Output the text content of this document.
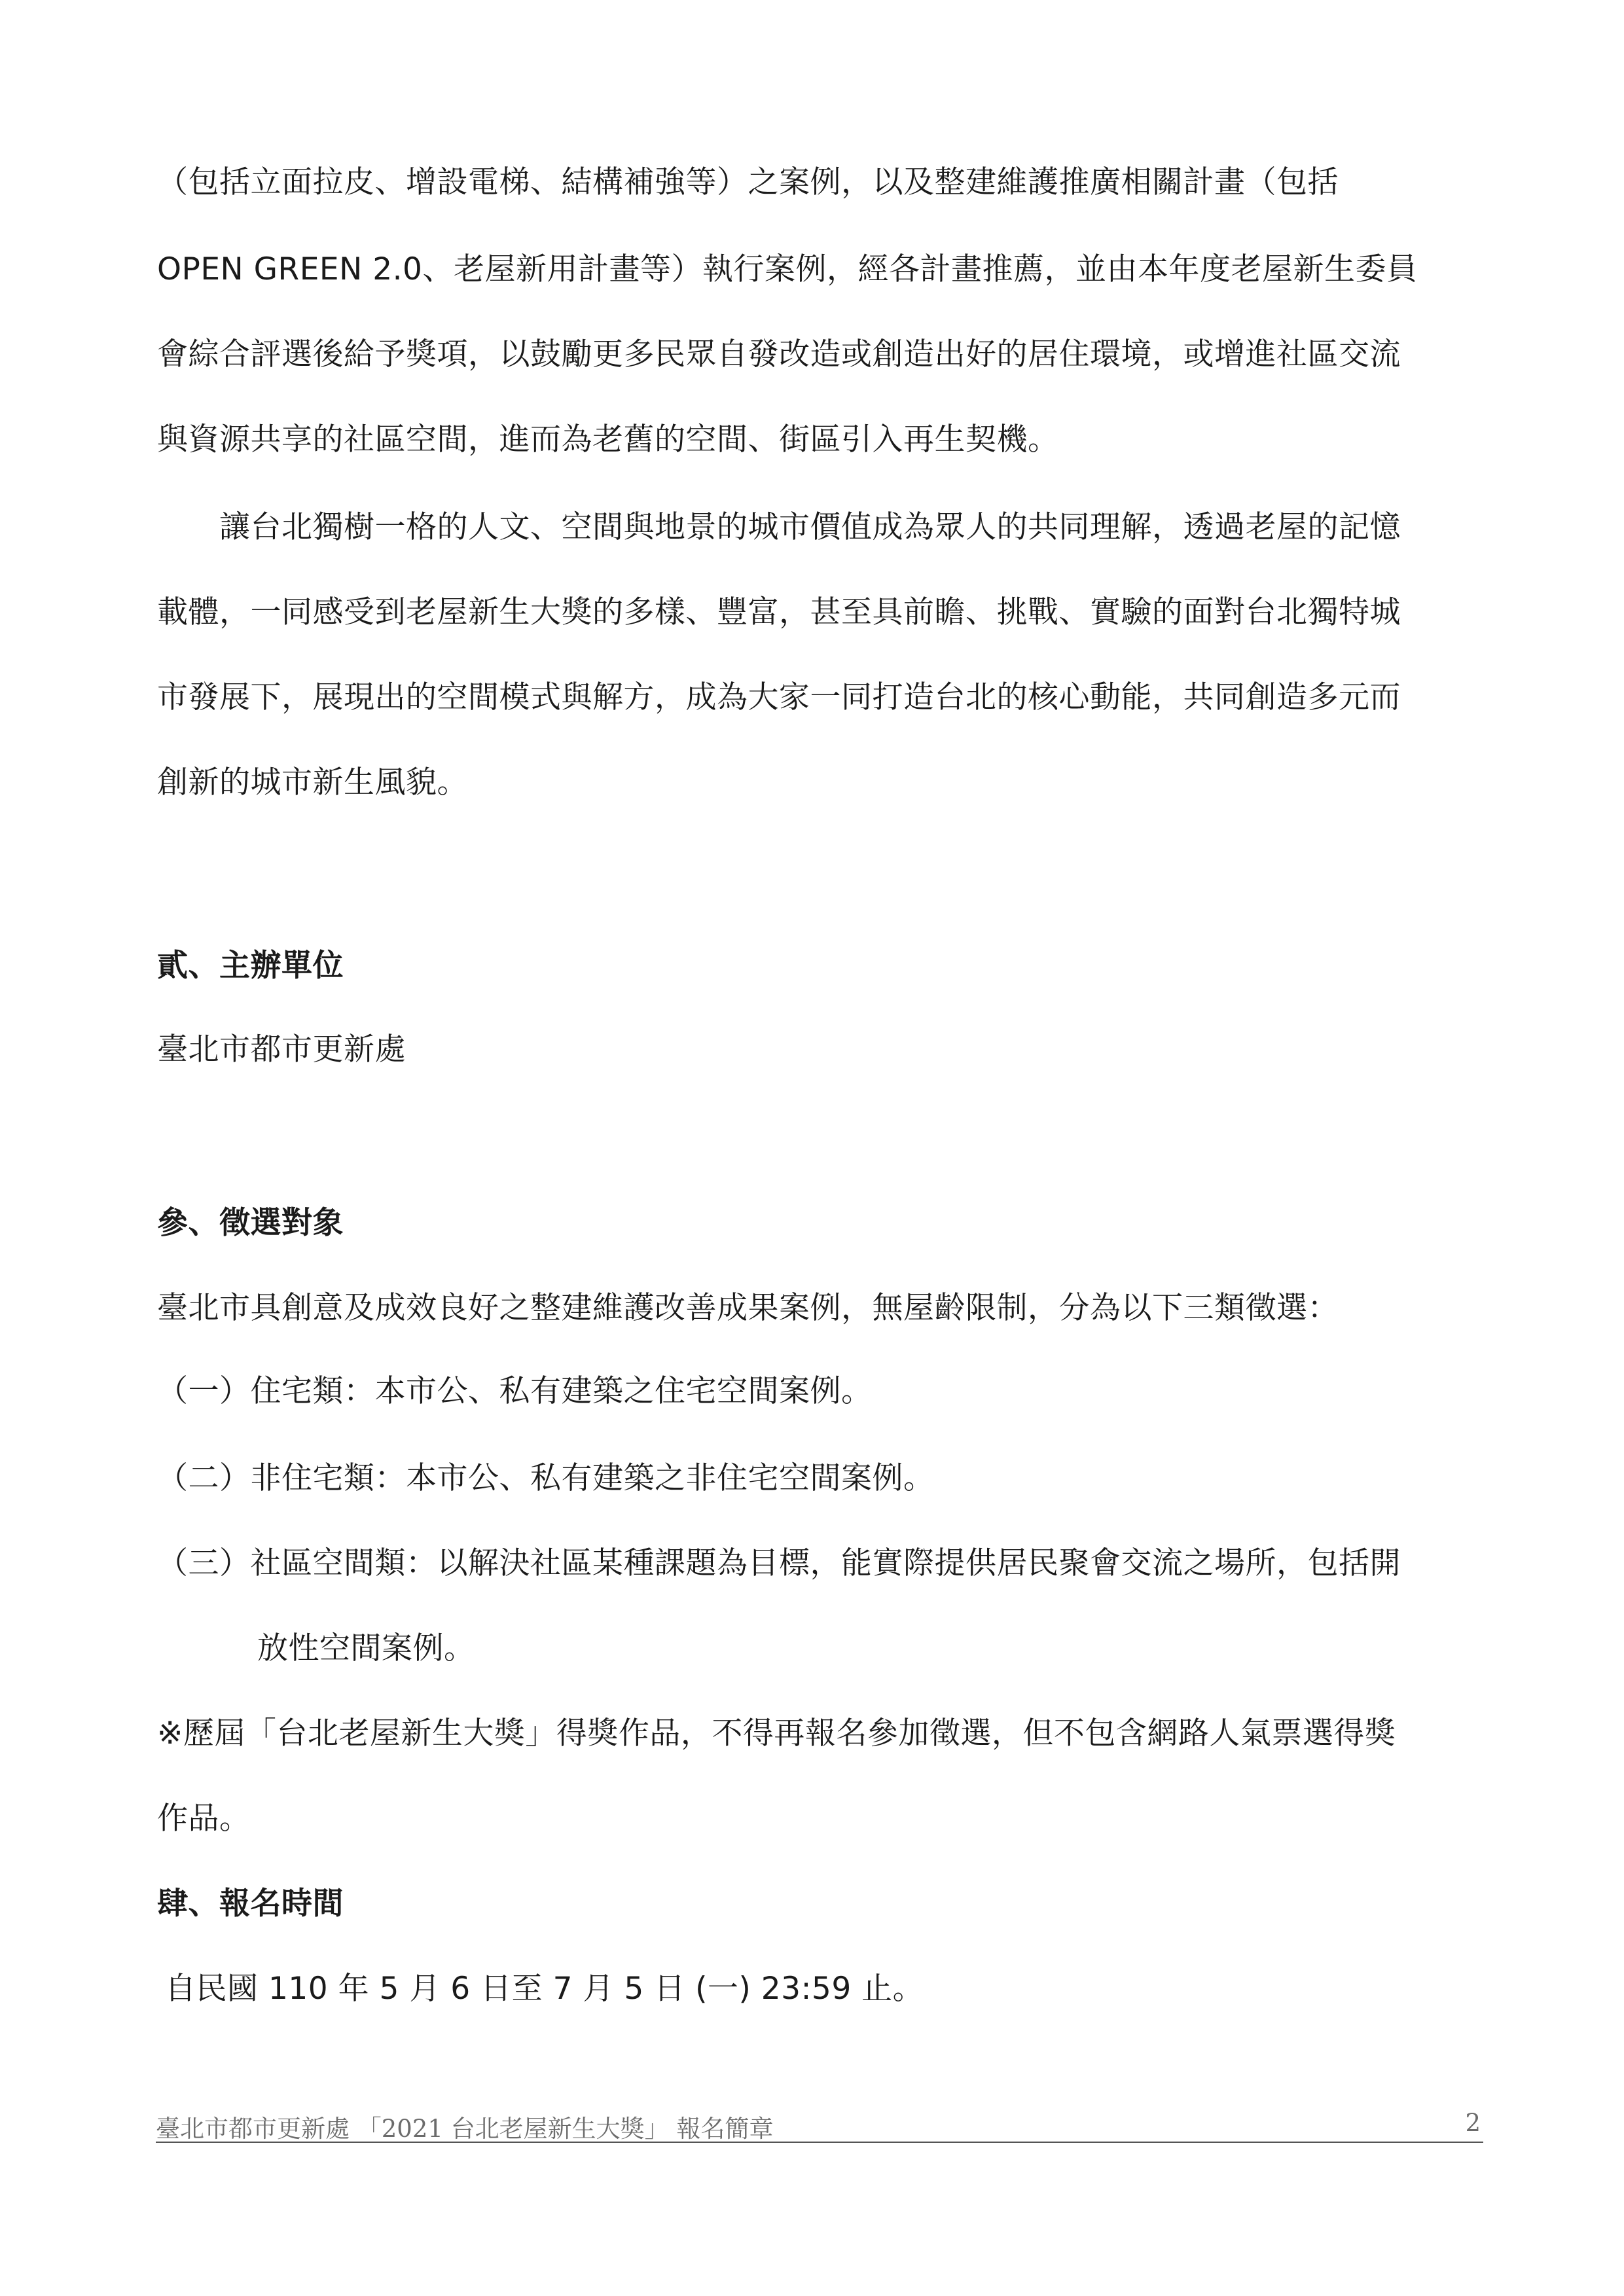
（包括立面拉皮、增設電梯、結構補強等）之案例，以及整建維護推廣相關計畫（包括
OPEN GREEN 2.0、老屋新用計畫等）執行案例，經各計畫推薦，並由本年度老屋新生委員
會綜合評選後給予獎項，以鼓勵更多民眾自發改造或創造出好的居住環境，或增進社區交流
與資源共享的社區空間，進而為老舊的空間、街區引入再生契機。
讓台北獨樹一格的人文、空間與地景的城市價值成為眾人的共同理解，透過老屋的記憶
載體，一同感受到老屋新生大獎的多樣、豐富，甚至具前瞻、挑戰、實驗的面對台北獨特城
市發展下，展現出的空間模式與解方，成為大家一同打造台北的核心動能，共同創造多元而
創新的城市新生風貌。
貳、主辦單位
臺北市都市更新處
參、徵選對象
臺北市具創意及成效良好之整建維護改善成果案例，無屋齡限制，分為以下三類徵選：
（一）住宅類：本市公、私有建築之住宅空間案例。
（二）非住宅類：本市公、私有建築之非住宅空間案例。
（三）社區空間類：以解決社區某種課題為目標，能實際提供居民聚會交流之場所，包括開
放性空間案例。
※歷屆「台北老屋新生大獎」得獎作品，不得再報名參加徵選，但不包含網路人氣票選得獎
作品。
肆、報名時間
自民國 110 年 5 月 6 日至 7 月 5 日 (一) 23:59 止。
臺北市都市更新處 「2021 台北老屋新生大獎」 報名簡章	2
